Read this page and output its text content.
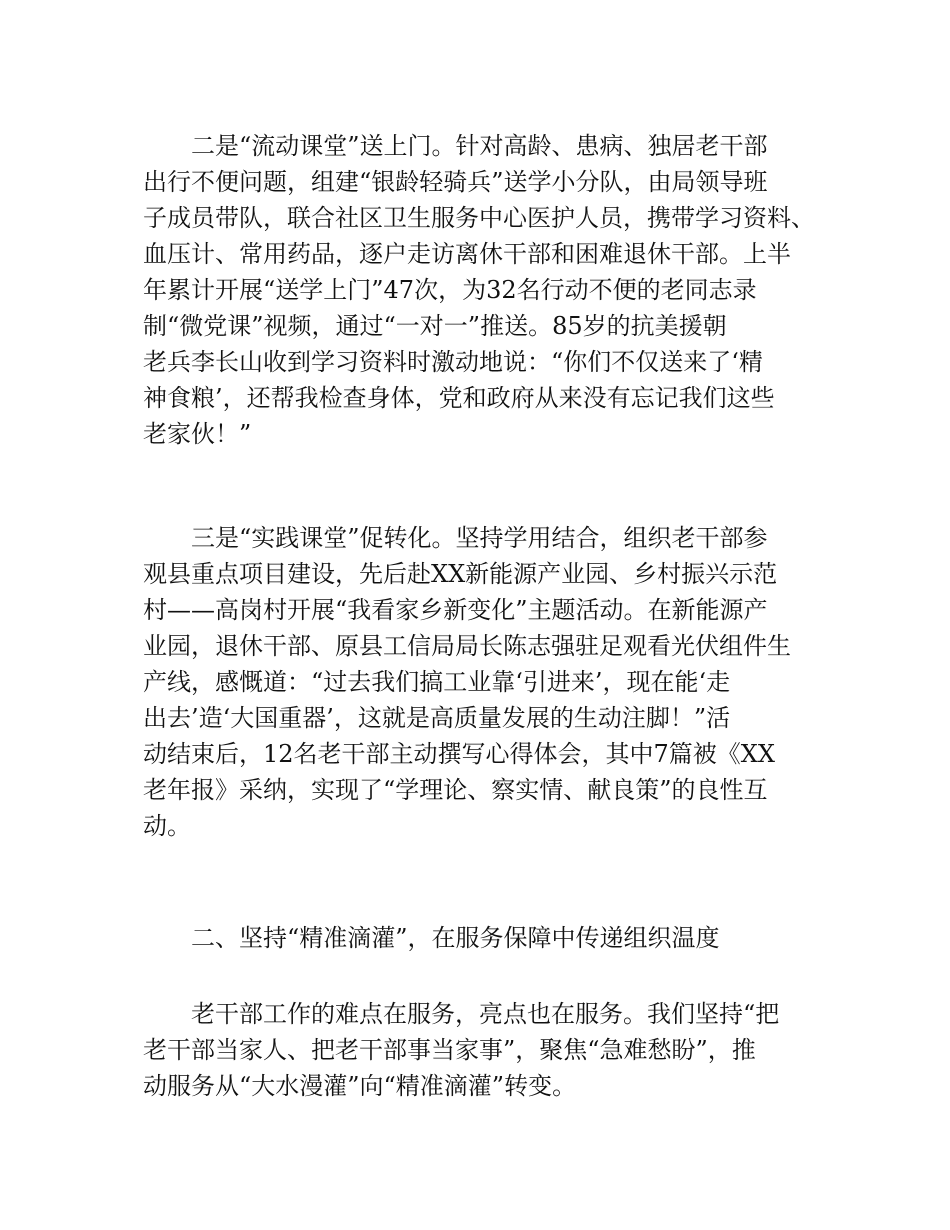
二是“流动课堂”送上门。针对高龄、患病、独居老干部
出行不便问题，组建“银龄轻骑兵”送学小分队，由局领导班
子成员带队，联合社区卫生服务中心医护人员，携带学习资料、
血压计、常用药品，逐户走访离休干部和困难退休干部。上半
年累计开展“送学上门”47次，为32名行动不便的老同志录
制“微党课”视频，通过“一对一”推送。85岁的抗美援朝
老兵李长山收到学习资料时激动地说：“你们不仅送来了‘精
神食粮’，还帮我检查身体，党和政府从来没有忘记我们这些
老家伙！”
三是“实践课堂”促转化。坚持学用结合，组织老干部参
观县重点项目建设，先后赴XX新能源产业园、乡村振兴示范
村——高岗村开展“我看家乡新变化”主题活动。在新能源产
业园，退休干部、原县工信局局长陈志强驻足观看光伏组件生
产线，感慨道：“过去我们搞工业靠‘引进来’，现在能‘走
出去’造‘大国重器’，这就是高质量发展的生动注脚！”活
动结束后，12名老干部主动撰写心得体会，其中7篇被《XX
老年报》采纳，实现了“学理论、察实情、献良策”的良性互
动。
二、坚持“精准滴灌”，在服务保障中传递组织温度
老干部工作的难点在服务，亮点也在服务。我们坚持“把
老干部当家人、把老干部事当家事”，聚焦“急难愁盼”，推
动服务从“大水漫灌”向“精准滴灌”转变。
